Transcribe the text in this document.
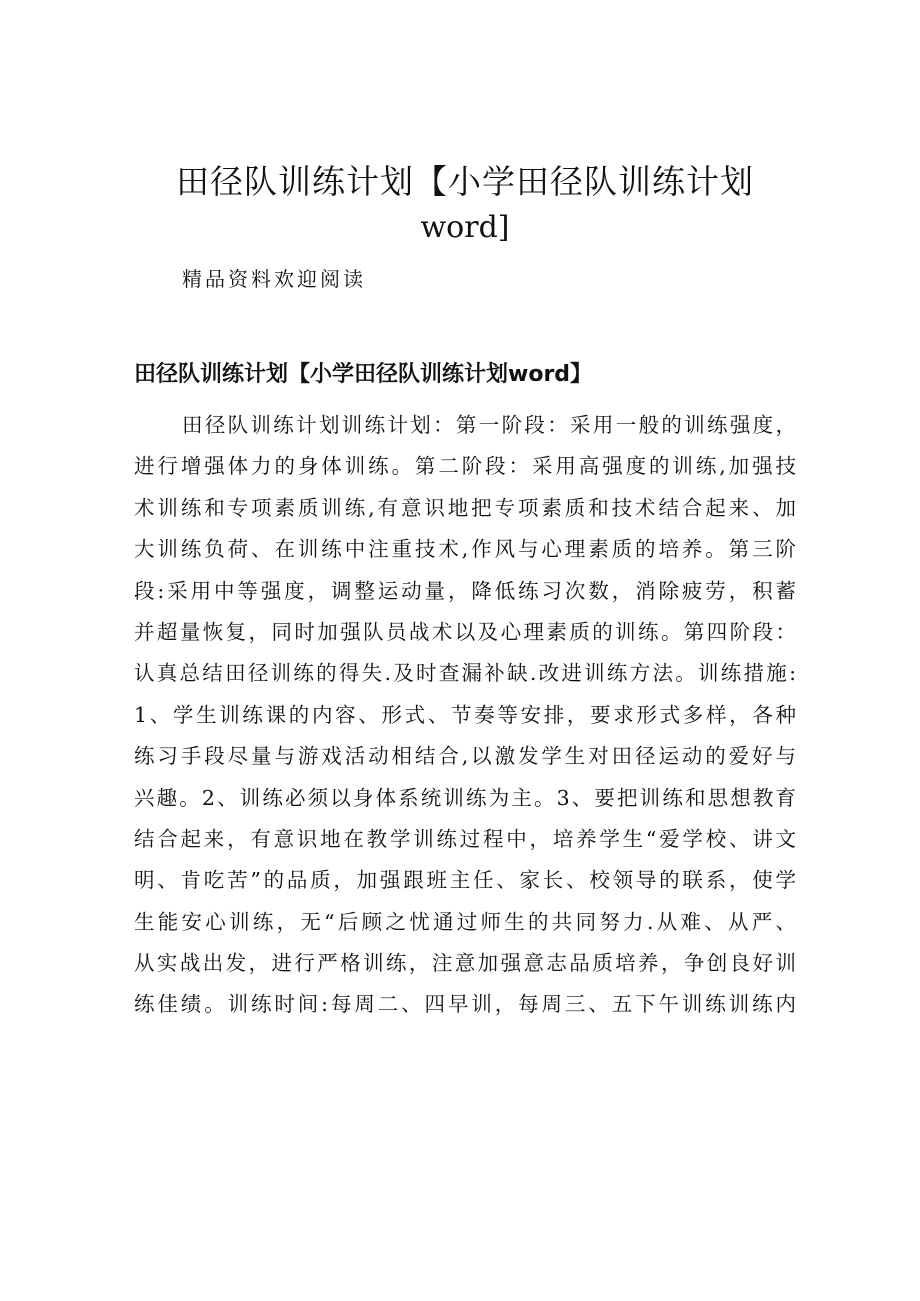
田径队训练计划【小学田径队训练计划
word]
精品资料欢迎阅读
田径队训练计划【小学田径队训练计划word】
田径队训练计划训练计划：第一阶段：采用一般的训练强度，
进行增强体力的身体训练。第二阶段：采用高强度的训练,加强技
术训练和专项素质训练,有意识地把专项素质和技术结合起来、加
大训练负荷、在训练中注重技术,作风与心理素质的培养。第三阶
段:采用中等强度，调整运动量，降低练习次数，消除疲劳，积蓄
并超量恢复，同时加强队员战术以及心理素质的训练。第四阶段：
认真总结田径训练的得失.及时查漏补缺.改进训练方法。训练措施:
1、学生训练课的内容、形式、节奏等安排，要求形式多样，各种
练习手段尽量与游戏活动相结合,以激发学生对田径运动的爱好与
兴趣。2、训练必须以身体系统训练为主。3、要把训练和思想教育
结合起来，有意识地在教学训练过程中，培养学生“爱学校、讲文
明、肯吃苦”的品质，加强跟班主任、家长、校领导的联系，使学
生能安心训练，无“后顾之忧通过师生的共同努力.从难、从严、
从实战出发，进行严格训练，注意加强意志品质培养，争创良好训
练佳绩。训练时间:每周二、四早训，每周三、五下午训练训练内
